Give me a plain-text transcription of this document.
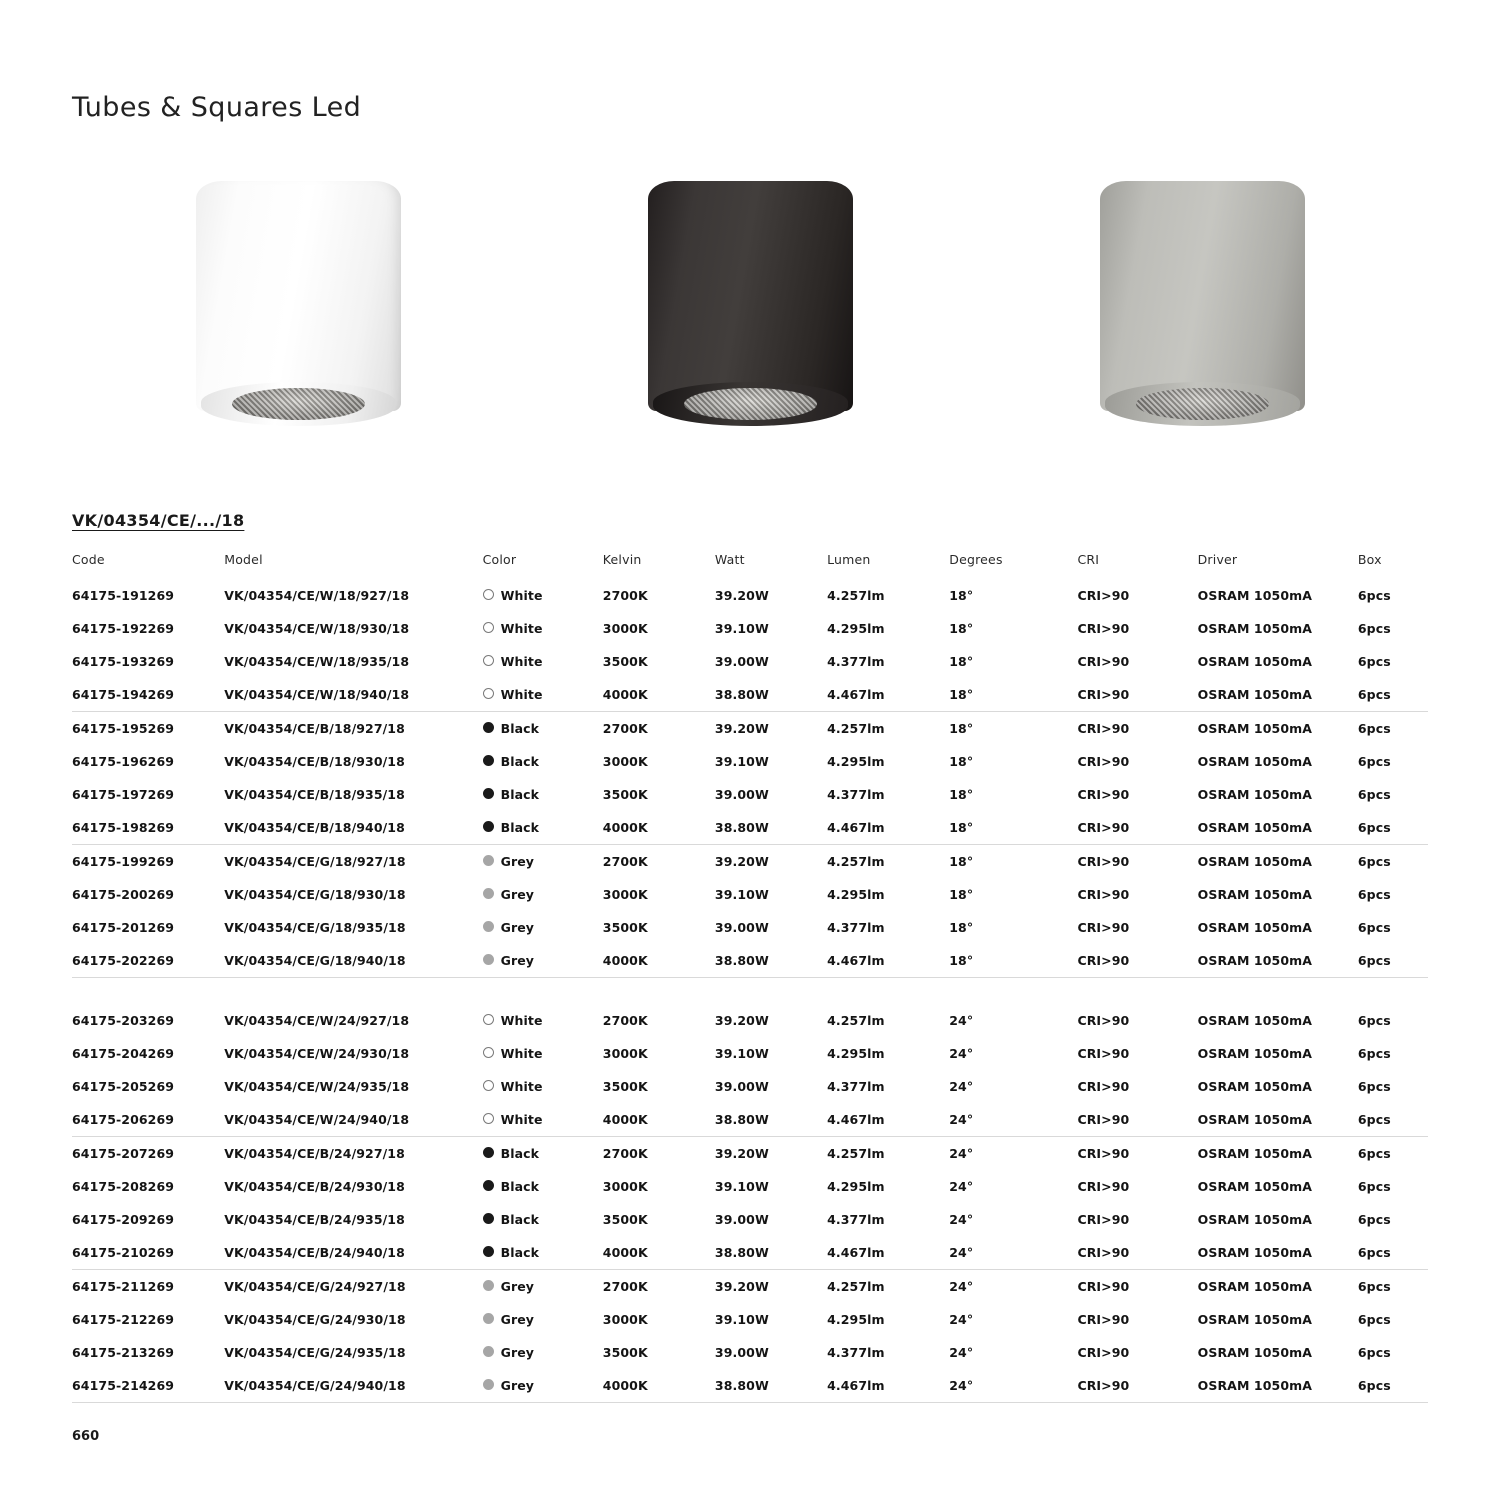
Tubes & Squares Led
VK/04354/CE/.../18
Code	Model	Color	Kelvin	Watt	Lumen	Degrees	CRI	Driver	Box
64175-191269	VK/04354/CE/W/18/927/18	White	2700K	39.20W	4.257lm	18°	CRI>90	OSRAM 1050mA	6pcs
64175-192269	VK/04354/CE/W/18/930/18	White	3000K	39.10W	4.295lm	18°	CRI>90	OSRAM 1050mA	6pcs
64175-193269	VK/04354/CE/W/18/935/18	White	3500K	39.00W	4.377lm	18°	CRI>90	OSRAM 1050mA	6pcs
64175-194269	VK/04354/CE/W/18/940/18	White	4000K	38.80W	4.467lm	18°	CRI>90	OSRAM 1050mA	6pcs
64175-195269	VK/04354/CE/B/18/927/18	Black	2700K	39.20W	4.257lm	18°	CRI>90	OSRAM 1050mA	6pcs
64175-196269	VK/04354/CE/B/18/930/18	Black	3000K	39.10W	4.295lm	18°	CRI>90	OSRAM 1050mA	6pcs
64175-197269	VK/04354/CE/B/18/935/18	Black	3500K	39.00W	4.377lm	18°	CRI>90	OSRAM 1050mA	6pcs
64175-198269	VK/04354/CE/B/18/940/18	Black	4000K	38.80W	4.467lm	18°	CRI>90	OSRAM 1050mA	6pcs
64175-199269	VK/04354/CE/G/18/927/18	Grey	2700K	39.20W	4.257lm	18°	CRI>90	OSRAM 1050mA	6pcs
64175-200269	VK/04354/CE/G/18/930/18	Grey	3000K	39.10W	4.295lm	18°	CRI>90	OSRAM 1050mA	6pcs
64175-201269	VK/04354/CE/G/18/935/18	Grey	3500K	39.00W	4.377lm	18°	CRI>90	OSRAM 1050mA	6pcs
64175-202269	VK/04354/CE/G/18/940/18	Grey	4000K	38.80W	4.467lm	18°	CRI>90	OSRAM 1050mA	6pcs

64175-203269	VK/04354/CE/W/24/927/18	White	2700K	39.20W	4.257lm	24°	CRI>90	OSRAM 1050mA	6pcs
64175-204269	VK/04354/CE/W/24/930/18	White	3000K	39.10W	4.295lm	24°	CRI>90	OSRAM 1050mA	6pcs
64175-205269	VK/04354/CE/W/24/935/18	White	3500K	39.00W	4.377lm	24°	CRI>90	OSRAM 1050mA	6pcs
64175-206269	VK/04354/CE/W/24/940/18	White	4000K	38.80W	4.467lm	24°	CRI>90	OSRAM 1050mA	6pcs
64175-207269	VK/04354/CE/B/24/927/18	Black	2700K	39.20W	4.257lm	24°	CRI>90	OSRAM 1050mA	6pcs
64175-208269	VK/04354/CE/B/24/930/18	Black	3000K	39.10W	4.295lm	24°	CRI>90	OSRAM 1050mA	6pcs
64175-209269	VK/04354/CE/B/24/935/18	Black	3500K	39.00W	4.377lm	24°	CRI>90	OSRAM 1050mA	6pcs
64175-210269	VK/04354/CE/B/24/940/18	Black	4000K	38.80W	4.467lm	24°	CRI>90	OSRAM 1050mA	6pcs
64175-211269	VK/04354/CE/G/24/927/18	Grey	2700K	39.20W	4.257lm	24°	CRI>90	OSRAM 1050mA	6pcs
64175-212269	VK/04354/CE/G/24/930/18	Grey	3000K	39.10W	4.295lm	24°	CRI>90	OSRAM 1050mA	6pcs
64175-213269	VK/04354/CE/G/24/935/18	Grey	3500K	39.00W	4.377lm	24°	CRI>90	OSRAM 1050mA	6pcs
64175-214269	VK/04354/CE/G/24/940/18	Grey	4000K	38.80W	4.467lm	24°	CRI>90	OSRAM 1050mA	6pcs
660
